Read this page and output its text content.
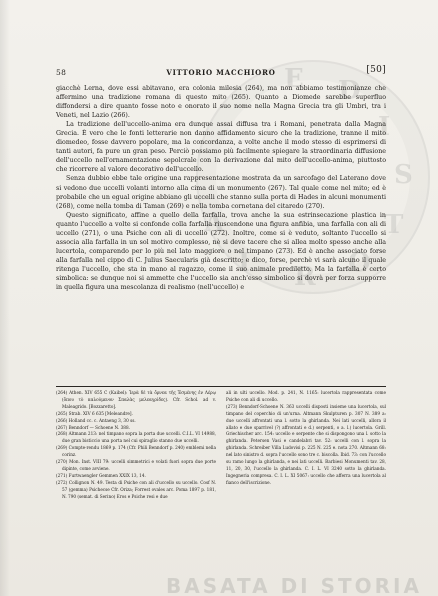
E D
I
S
T
O
R
I
A
58	VITTORIO MACCHIORO	[50]

giacchè Lerna, dove essi abitavano, era colonia milesia (264), ma non abbiamo testimonianze che affermino una tradizione romana di questo mito (265). Quanto a Diomede sarebbe superfluo diffondersi a dire quanto fosse noto e onorato il suo nome nella Magna Grecia tra gli Umbri, tra i Veneti, nel Lazio (266).

La tradizione dell'uccello-anima era dunque assai diffusa tra i Romani, penetrata dalla Magna Grecia. È vero che le fonti letterarie non danno affidamento sicuro che la tradizione, tranne il mito diomedeo, fosse davvero popolare, ma la concordanza, a volte anche il modo stesso di esprimersi di tanti autori, fa pure un gran peso. Perciò possiamo più facilmente spiegare la straordinaria diffusione dell'uccello nell'ornamentazione sepolcrale con la derivazione dal mito dell'uccello-anima, piuttosto che ricorrere al valore decorativo dell'uccello.

Senza dubbio ebbe tale origine una rappresentazione mostrata da un sarcofago del Laterano dove si vedono due uccelli volanti intorno alla cima di un monumento (267). Tal quale come nel mito; ed è probabile che un egual origine abbiano gli uccelli che stanno sulla porta di Hades in alcuni monumenti (268), come nella tomba di Taman (269) e nella tomba cornetana del citaredo (270).

Questo significato, affine a quello della farfalla, trova anche la sua estrinsecazione plastica in quanto l'uccello a volte si confonde colla farfalla riuscendone una figura anfibia, una farfalla con ali di uccello (271), o una Psiche con ali di uccello (272). Inoltre, come si è veduto, soltanto l'uccello si associa alla farfalla in un sol motivo complesso, nè si deve tacere che si allea molto spesso anche alla lucertola, comparendo per lo più nel lato maggiore o nel timpano (273). Ed è anche associato forse alla farfalla nel cippo di C. Julius Saecularis già descritto; e dico, forse, perchè vi sarà alcuno il quale ritenga l'uccello, che sta in mano al ragazzo, come il suo animale prediletto. Ma la farfalla è certo simbolica: se dunque noi si ammette che l'uccello sia anch'esso simbolico si dovrà per forza supporre in quella figura una mescolanza di realismo (nell'uccello) e

(264) Athen. XIV 655 C (Kaibel): Ἱερὰ δὲ τὰ ὄρνεα τῆς Ἑσμένης ἐν Λέρῳ (ὅπου τὸ καλούμενον Σπαλὰς μελεαγρίδες). Cfr. Schol. ad v. Maleagrido. [Bozzaretto].

(265) Strab. XIV 6 635 [Meleandre].

(266) Holland cc. c. Antaeng 3, 30 ss.

(267) Benndorf — Schoene N. 388.

(268) Altmann 213: nel timpano sopra la porta due uccelli. C.I.L. VI 14988, due gran bisticcio una porta nel cui spiraglio stanno due uccelli.

(269) Compte-rendu 1869 p. 174 (Cfr. Phili Benndorf p. 240) emblemi nella corinz.

(270) Mon. Inst. VIII 79: uccelli simmetrici e volati fuori sopra due porte dipinte, come avviene.

(271) Furtwaengler Gemmen XXIX 13, 14.

(272) Collignon N. 49. Testa di Psiche con ali d'uccello su uccello. Cosf N. 57 (gemma) Psichecse Cfr. Oriza; Forrest ovales arc. Poma 1897 p. 181, N. 790 (semat. di Serino) Eros e Psiche resi e due

ali in ulti uccello. Mod. p. 241, N. 1165: lucertola rappresentata come Psiche con ali di uccello.

(273) Benndorf-Schoene N. 363 uccelli disposti insieme una lucertola, sul timpano del coperchio di un'urna. Altmann Skulpturen p. 307 N. 389 a: due uccelli affrontati una l. sotto la ghirlanda. Nei lati uccelli, allora il allato e due sparrivel (?) affrontati e d.) serpenti, o a. l.) lucertola. Grill. Griechischer arc. 154: uccello e serpente che si dispongono una l. sotto la ghirlanda. Petersen Vasi e candelabri tav. 52: uccelli con l. sopra la ghirlanda. Schreiber Villa Ludovisi p. 225 N. 225 e. nota 270. Altmann 68: nel lato sinistro d. sopra l'uccello sono tre c. biscolla. Ibid. 73: con l'uccello su ramo lungo la ghirlanda, e nei lati uccelli. Barbiesi Monumenti tav. 28, 11, 20, 30, l'uccello la ghirlanda. C. I. L. VI 3240 sotto la ghirlanda. Ingegneria compresa. C. I. L. XI 5067: uccello che afferra una lucertola al fianco dell'iscrizione.

BASATA DI STORIA
